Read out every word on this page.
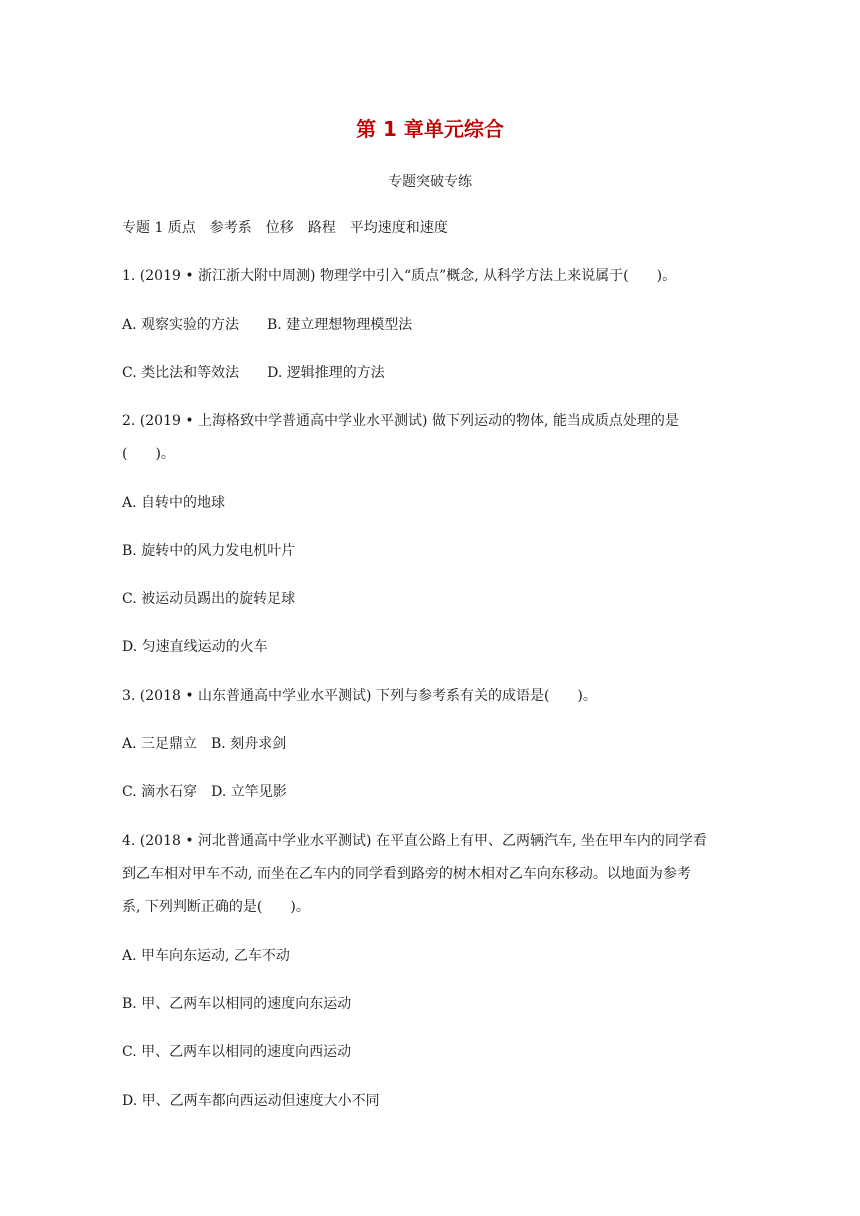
第 1 章单元综合
专题突破专练
专题 1 质点　参考系　位移　路程　平均速度和速度
1. (2019 • 浙江浙大附中周测) 物理学中引入“质点”概念, 从科学方法上来说属于(　　)。
A. 观察实验的方法　　B. 建立理想物理模型法
C. 类比法和等效法　　D. 逻辑推理的方法
2. (2019 • 上海格致中学普通高中学业水平测试) 做下列运动的物体, 能当成质点处理的是
(　　)。
A. 自转中的地球
B. 旋转中的风力发电机叶片
C. 被运动员踢出的旋转足球
D. 匀速直线运动的火车
3. (2018 • 山东普通高中学业水平测试) 下列与参考系有关的成语是(　　)。
A. 三足鼎立　B. 刻舟求剑
C. 滴水石穿　D. 立竿见影
4. (2018 • 河北普通高中学业水平测试) 在平直公路上有甲、乙两辆汽车, 坐在甲车内的同学看
到乙车相对甲车不动, 而坐在乙车内的同学看到路旁的树木相对乙车向东移动。以地面为参考
系, 下列判断正确的是(　　)。
A. 甲车向东运动, 乙车不动
B. 甲、乙两车以相同的速度向东运动
C. 甲、乙两车以相同的速度向西运动
D. 甲、乙两车都向西运动但速度大小不同
